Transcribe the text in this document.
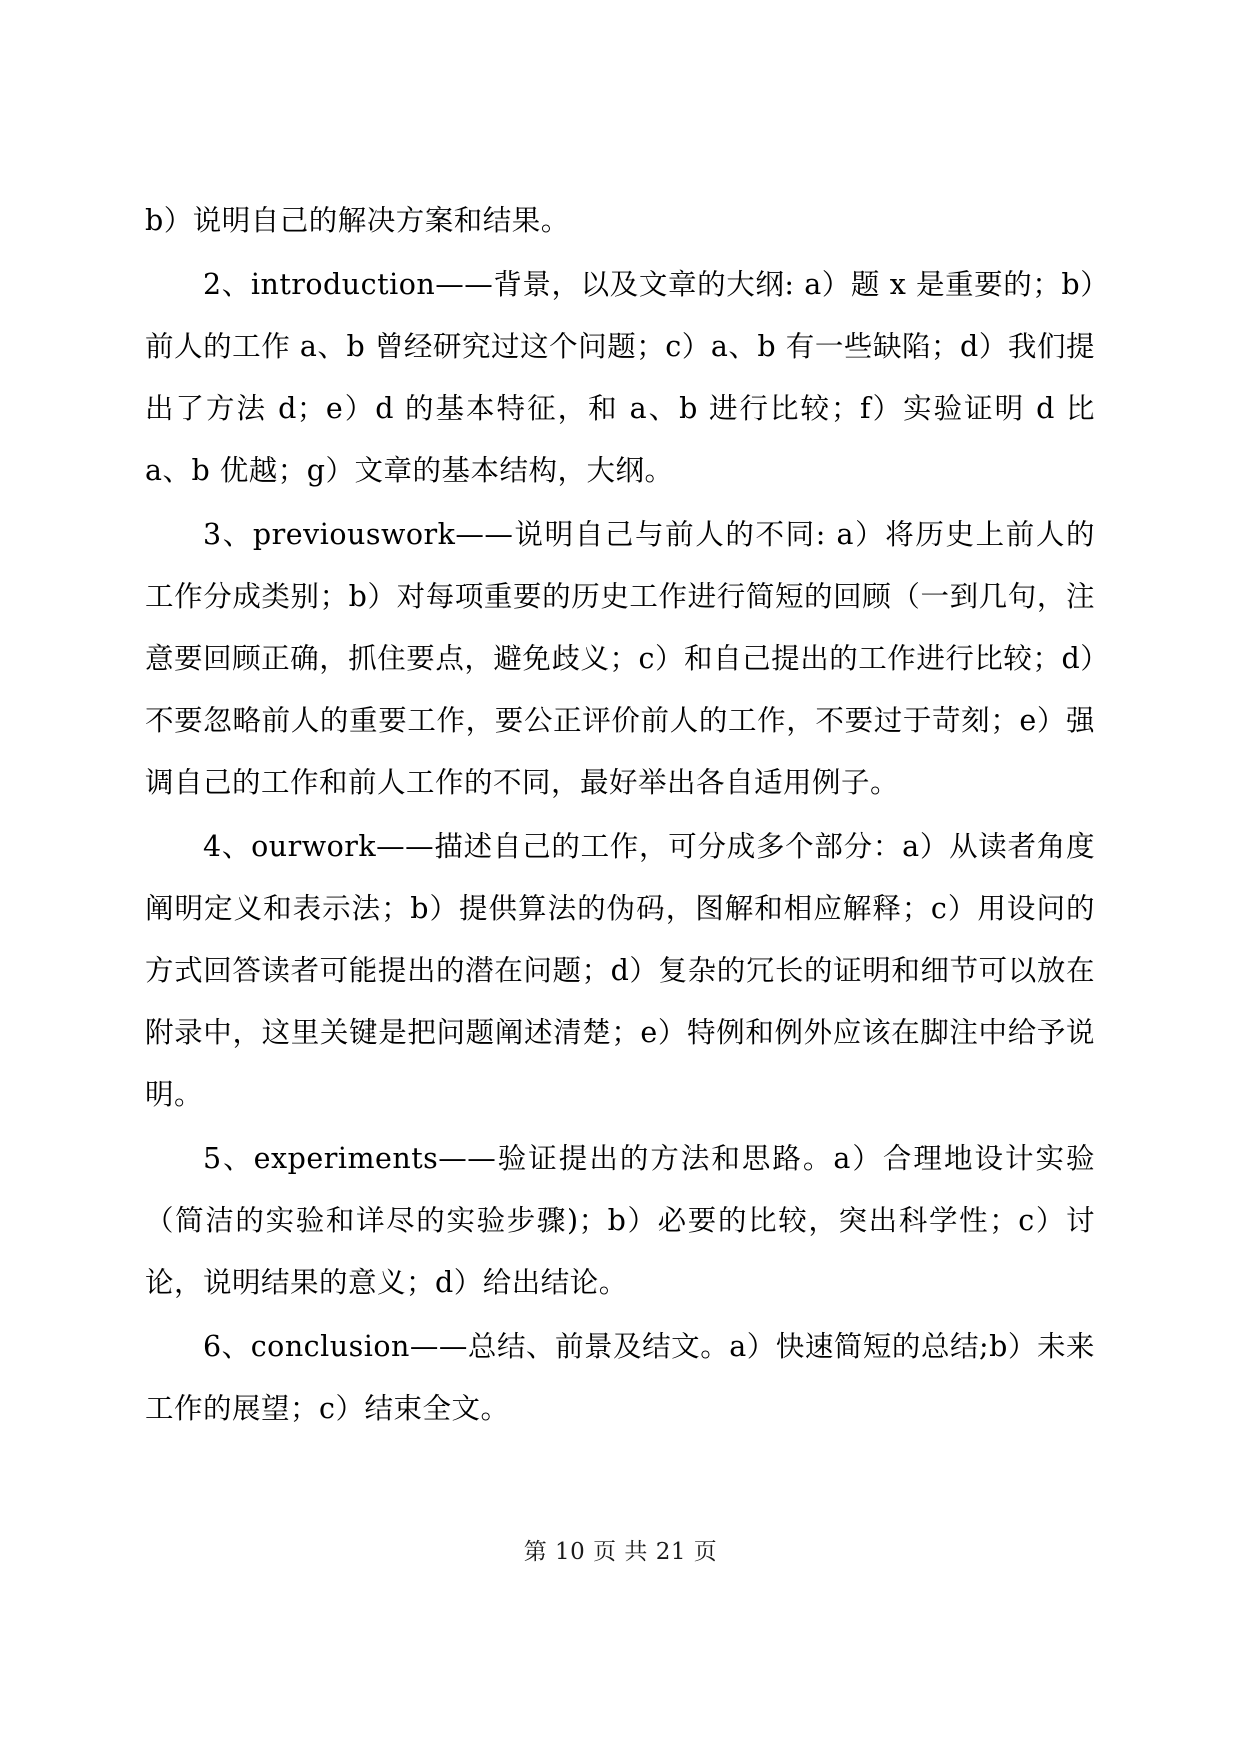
b）说明自己的解决方案和结果。

2、introduction——背景，以及文章的大纲: a）题 x 是重要的；b）前人的工作 a、b 曾经研究过这个问题；c）a、b 有一些缺陷；d）我们提出了方法 d；e）d 的基本特征，和 a、b 进行比较；f）实验证明 d 比 a、b 优越；g）文章的基本结构，大纲。

3、previouswork——说明自己与前人的不同: a）将历史上前人的工作分成类别；b）对每项重要的历史工作进行简短的回顾（一到几句，注意要回顾正确，抓住要点，避免歧义；c）和自己提出的工作进行比较；d）不要忽略前人的重要工作，要公正评价前人的工作，不要过于苛刻；e）强调自己的工作和前人工作的不同，最好举出各自适用例子。

4、ourwork——描述自己的工作，可分成多个部分：a）从读者角度阐明定义和表示法；b）提供算法的伪码，图解和相应解释；c）用设问的方式回答读者可能提出的潜在问题；d）复杂的冗长的证明和细节可以放在附录中，这里关键是把问题阐述清楚；e）特例和例外应该在脚注中给予说明。

5、experiments——验证提出的方法和思路。a）合理地设计实验（简洁的实验和详尽的实验步骤)；b）必要的比较，突出科学性；c）讨论，说明结果的意义；d）给出结论。

6、conclusion——总结、前景及结文。a）快速简短的总结;b）未来工作的展望；c）结束全文。

第 10 页 共 21 页
